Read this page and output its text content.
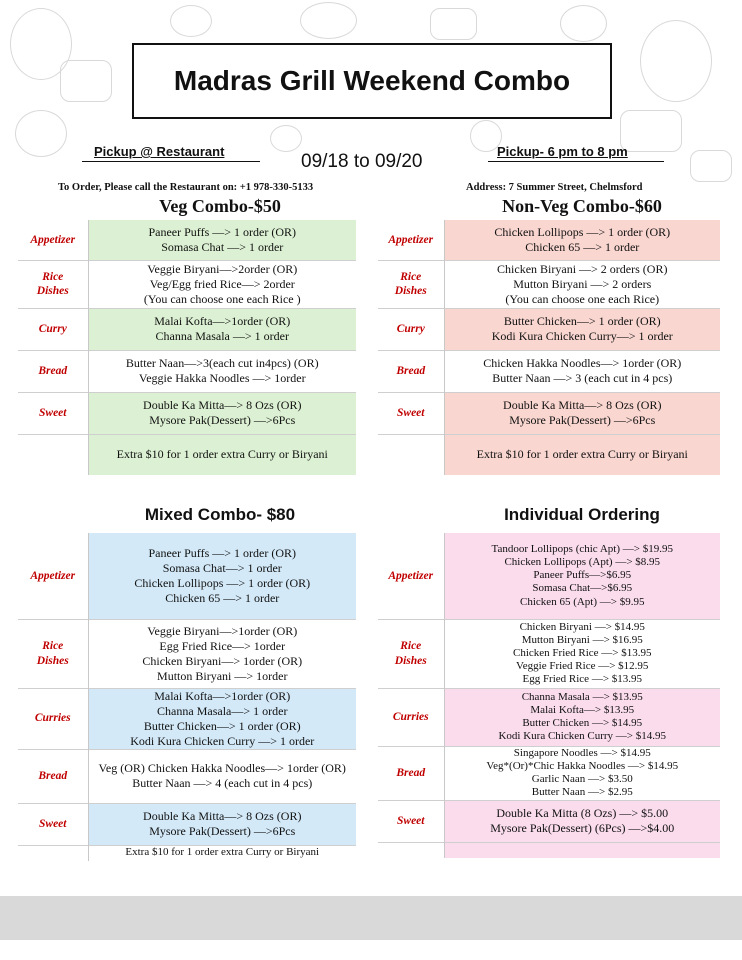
Madras Grill Weekend Combo
Pickup @ Restaurant	09/18 to 09/20	Pickup- 6 pm to 8 pm
To Order, Please call the Restaurant on: +1 978-330-5133	Address: 7 Summer Street, Chelmsford
Veg Combo-$50
Appetizer	Paneer Puffs —> 1 order (OR)
Somasa Chat —> 1 order

Rice Dishes	Veggie Biryani—>2order (OR)
Veg/Egg fried Rice—> 2order
(You can choose one each Rice )

Curry	Malai Kofta—>1order (OR)
Channa Masala —> 1 order

Bread	Butter Naan—>3(each cut in4pcs) (OR)
Veggie Hakka Noodles —> 1order

Sweet	Double Ka Mitta—> 8 Ozs (OR)
Mysore Pak(Dessert) —>6Pcs

	Extra $10 for 1 order extra Curry or Biryani
Non-Veg Combo-$60
Appetizer	Chicken Lollipops —> 1 order (OR)
Chicken 65 —> 1 order

Rice Dishes	Chicken Biryani —> 2 orders (OR)
Mutton Biryani —> 2 orders
(You can choose one each Rice)

Curry	Butter Chicken—> 1 order (OR)
Kodi Kura Chicken Curry—> 1 order

Bread	Chicken Hakka Noodles—> 1order (OR)
Butter Naan —> 3 (each cut in 4 pcs)

Sweet	Double Ka Mitta—> 8 Ozs (OR)
Mysore Pak(Dessert) —>6Pcs

	Extra $10 for 1 order extra Curry or Biryani
Mixed Combo- $80
Appetizer	Paneer Puffs —> 1 order (OR)
Somasa Chat—> 1 order
Chicken Lollipops —> 1 order (OR)
Chicken 65 —> 1 order

Rice Dishes	Veggie Biryani—>1order (OR)
Egg Fried Rice—> 1order
Chicken Biryani—> 1order (OR)
Mutton Biryani —> 1order

Curries	Malai Kofta—>1order (OR)
Channa Masala—> 1 order
Butter Chicken—> 1 order (OR)
Kodi Kura Chicken Curry —> 1 order

Bread	Veg (OR) Chicken Hakka Noodles—> 1order (OR)
Butter Naan —> 4 (each cut in 4 pcs)

Sweet	Double Ka Mitta—> 8 Ozs (OR)
Mysore Pak(Dessert) —>6Pcs

	Extra $10 for 1 order extra Curry or Biryani
Individual Ordering
Appetizer	Tandoor Lollipops (chic Apt) —> $19.95
Chicken Lollipops (Apt) —> $8.95
Paneer Puffs—>$6.95
Somasa Chat—>$6.95
Chicken 65 (Apt) —> $9.95

Rice Dishes	Chicken Biryani —> $14.95
Mutton Biryani —> $16.95
Chicken Fried Rice —> $13.95
Veggie Fried Rice —> $12.95
Egg Fried Rice —> $13.95

Curries	Channa Masala —> $13.95
Malai Kofta—> $13.95
Butter Chicken —> $14.95
Kodi Kura Chicken Curry —> $14.95

Bread	Singapore Noodles —> $14.95
Veg*(Or)*Chic Hakka Noodles —> $14.95
Garlic Naan —> $3.50
Butter Naan —> $2.95

Sweet	Double Ka Mitta (8 Ozs) —> $5.00
Mysore Pak(Dessert) (6Pcs) —>$4.00
